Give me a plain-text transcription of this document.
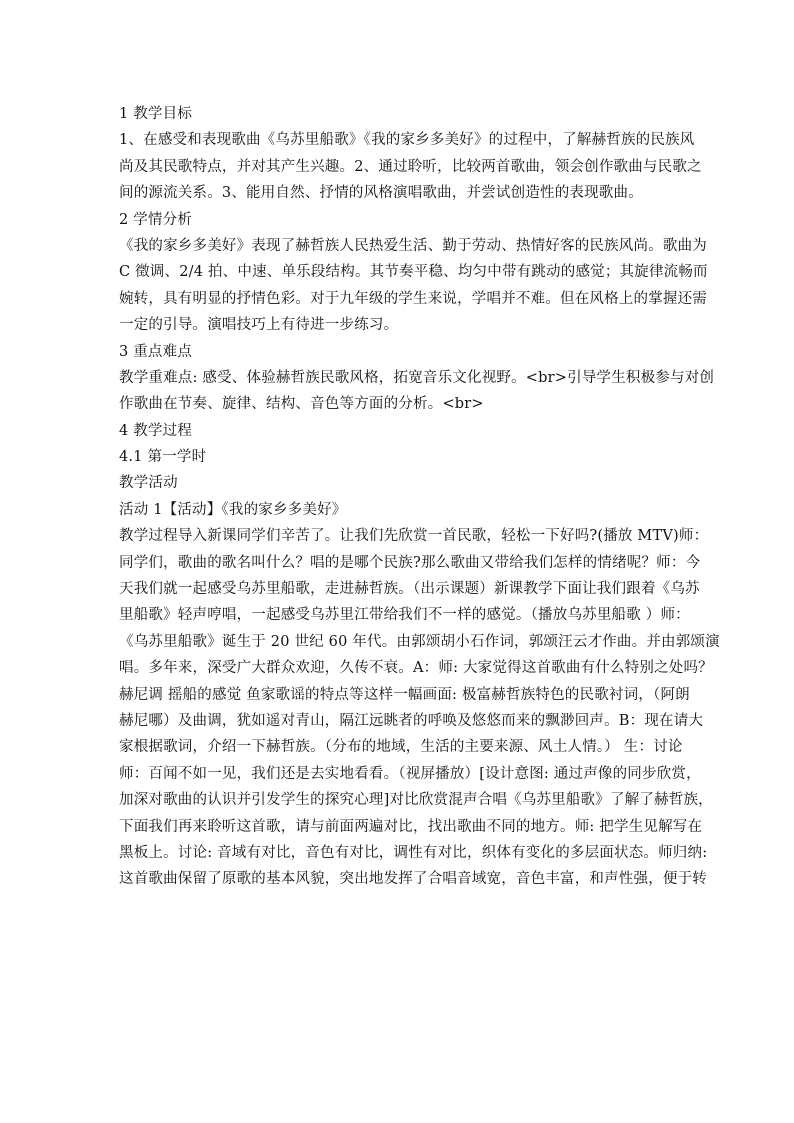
1 教学目标
1、在感受和表现歌曲《乌苏里船歌》《我的家乡多美好》的过程中，了解赫哲族的民族风
尚及其民歌特点，并对其产生兴趣。2、通过聆听，比较两首歌曲，领会创作歌曲与民歌之
间的源流关系。3、能用自然、抒情的风格演唱歌曲，并尝试创造性的表现歌曲。
2 学情分析
《我的家乡多美好》表现了赫哲族人民热爱生活、勤于劳动、热情好客的民族风尚。歌曲为
C 徵调、2/4 拍、中速、单乐段结构。其节奏平稳、均匀中带有跳动的感觉；其旋律流畅而
婉转，具有明显的抒情色彩。对于九年级的学生来说，学唱并不难。但在风格上的掌握还需
一定的引导。演唱技巧上有待进一步练习。
3 重点难点
教学重难点: 感受、体验赫哲族民歌风格，拓宽音乐文化视野。<br>引导学生积极参与对创
作歌曲在节奏、旋律、结构、音色等方面的分析。<br>
4 教学过程
4.1 第一学时
教学活动
活动 1【活动】《我的家乡多美好》
教学过程导入新课同学们辛苦了。让我们先欣赏一首民歌，轻松一下好吗?(播放 MTV)师：
同学们，歌曲的歌名叫什么？唱的是哪个民族?那么歌曲又带给我们怎样的情绪呢？师：今
天我们就一起感受乌苏里船歌，走进赫哲族。（出示课题）新课教学下面让我们跟着《乌苏
里船歌》轻声哼唱，一起感受乌苏里江带给我们不一样的感觉。（播放乌苏里船歌 ）师：
《乌苏里船歌》诞生于 20 世纪 60 年代。由郭颂胡小石作词，郭颂汪云才作曲。并由郭颂演
唱。多年来，深受广大群众欢迎，久传不衰。A：师: 大家觉得这首歌曲有什么特别之处吗？
赫尼调 摇船的感觉 鱼家歌谣的特点等这样一幅画面: 极富赫哲族特色的民歌衬词，（阿朗
赫尼哪）及曲调，犹如遥对青山，隔江远眺者的呼唤及悠悠而来的飘渺回声。B：现在请大
家根据歌词，介绍一下赫哲族。（分布的地域，生活的主要来源、风土人情。） 生：讨论
师：百闻不如一见，我们还是去实地看看。（视屏播放）[设计意图: 通过声像的同步欣赏，
加深对歌曲的认识并引发学生的探究心理]对比欣赏混声合唱《乌苏里船歌》了解了赫哲族，
下面我们再来聆听这首歌，请与前面两遍对比，找出歌曲不同的地方。师: 把学生见解写在
黑板上。讨论: 音域有对比，音色有对比，调性有对比，织体有变化的多层面状态。师归纳:
这首歌曲保留了原歌的基本风貌，突出地发挥了合唱音域宽，音色丰富，和声性强，便于转
